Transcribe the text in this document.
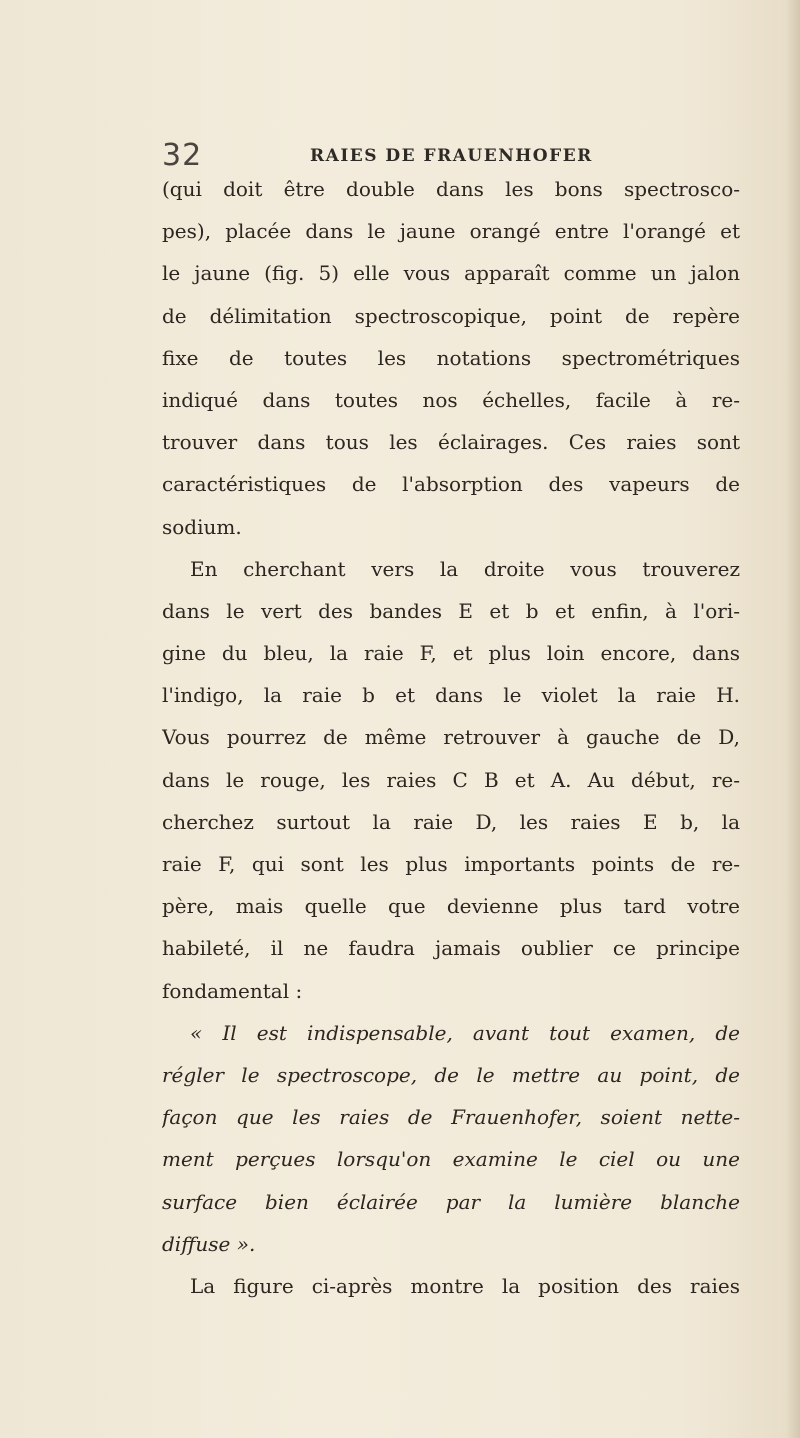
32	RAIES DE FRAUENHOFER
(qui doit être double dans les bons spectrosco-
pes), placée dans le jaune orangé entre l'orangé et
le jaune (fig. 5) elle vous apparaît comme un jalon
de délimitation spectroscopique, point de repère
fixe de toutes les notations spectrométriques
indiqué dans toutes nos échelles, facile à re-
trouver dans tous les éclairages. Ces raies sont
caractéristiques de l'absorption des vapeurs de
sodium.
En cherchant vers la droite vous trouverez
dans le vert des bandes E et b et enfin, à l'ori-
gine du bleu, la raie F, et plus loin encore, dans
l'indigo, la raie b et dans le violet la raie H.
Vous pourrez de même retrouver à gauche de D,
dans le rouge, les raies C B et A. Au début, re-
cherchez surtout la raie D, les raies E b, la
raie F, qui sont les plus importants points de re-
père, mais quelle que devienne plus tard votre
habileté, il ne faudra jamais oublier ce principe
fondamental :
« Il est indispensable, avant tout examen, de
régler le spectroscope, de le mettre au point, de
façon que les raies de Frauenhofer, soient nette-
ment perçues lorsqu'on examine le ciel ou une
surface bien éclairée par la lumière blanche
diffuse ».
La figure ci-après montre la position des raies
